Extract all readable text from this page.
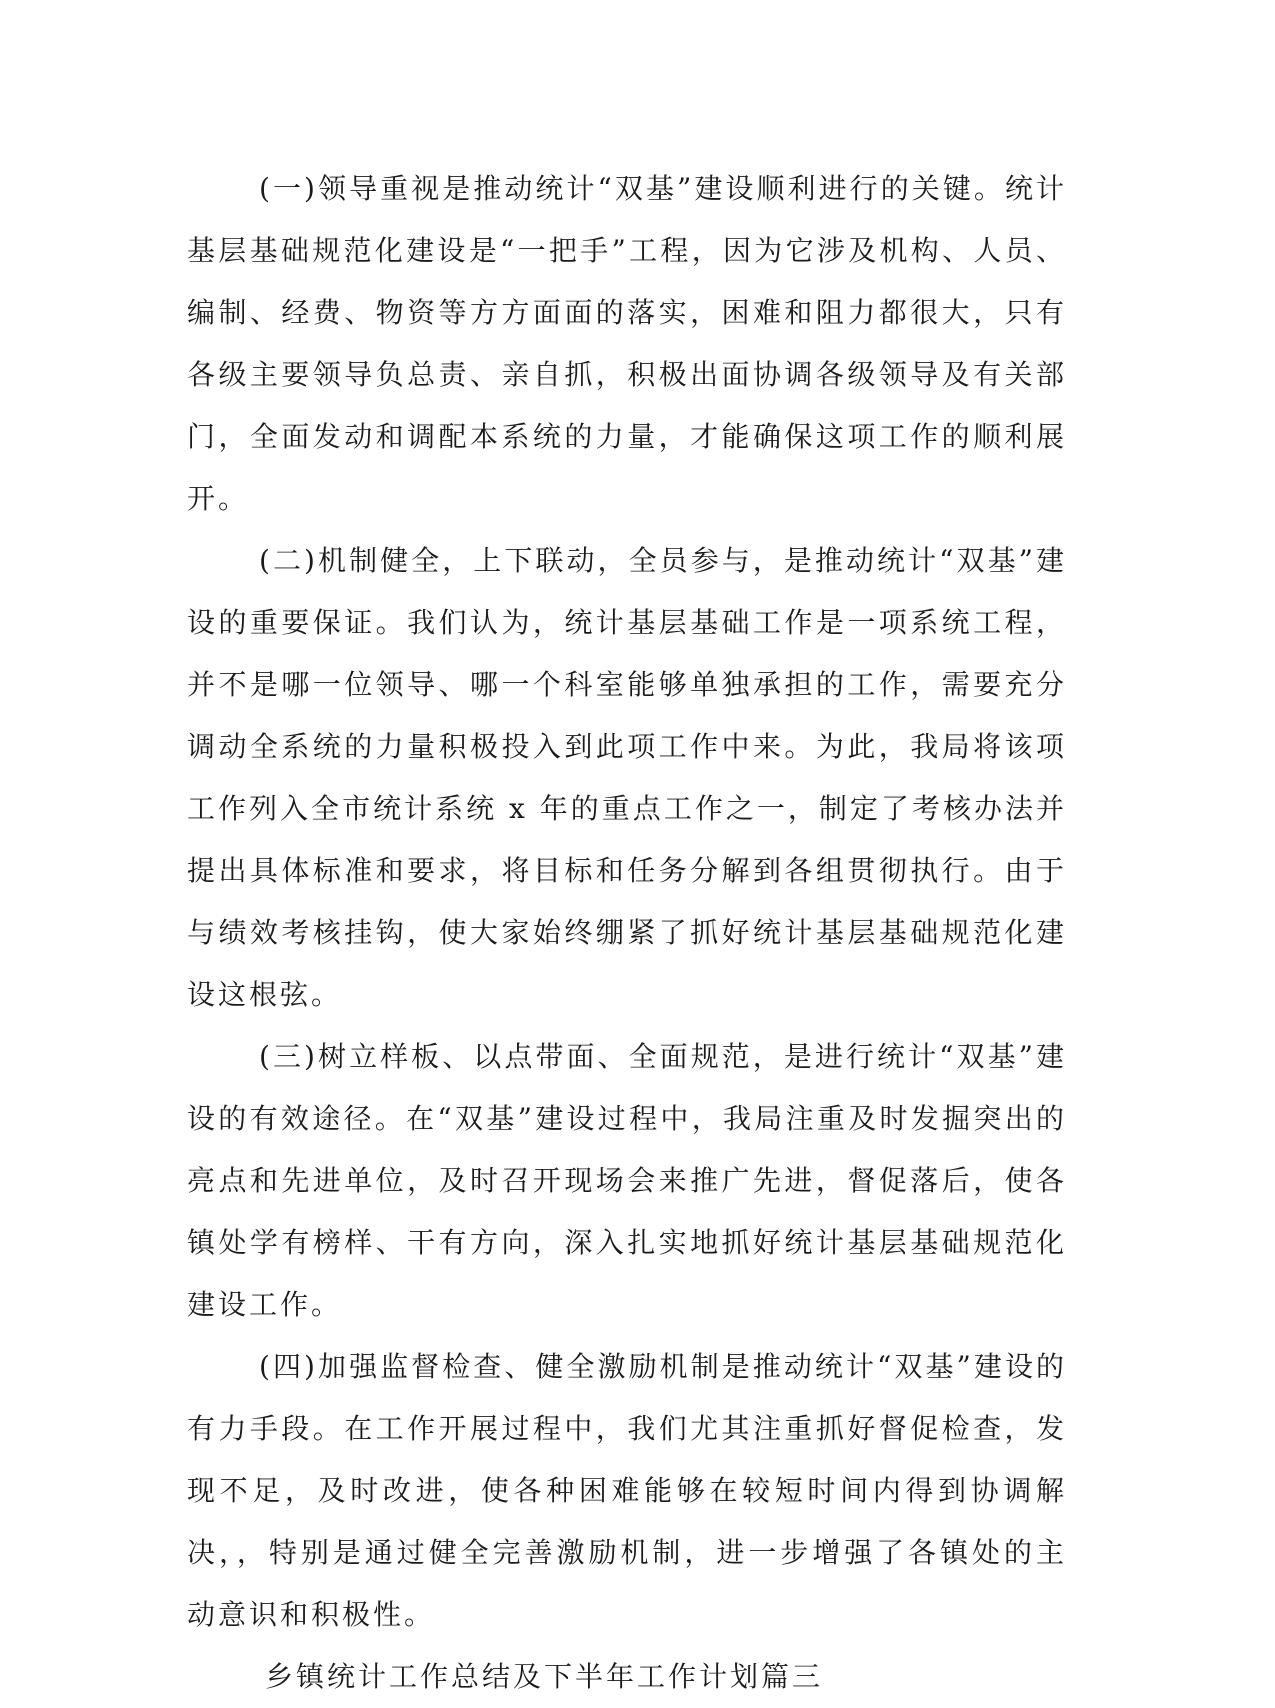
(一)领导重视是推动统计“双基”建设顺利进行的关键。统计基层基础规范化建设是“一把手”工程，因为它涉及机构、人员、编制、经费、物资等方方面面的落实，困难和阻力都很大，只有各级主要领导负总责、亲自抓，积极出面协调各级领导及有关部门，全面发动和调配本系统的力量，才能确保这项工作的顺利展开。

(二)机制健全，上下联动，全员参与，是推动统计“双基”建设的重要保证。我们认为，统计基层基础工作是一项系统工程，并不是哪一位领导、哪一个科室能够单独承担的工作，需要充分调动全系统的力量积极投入到此项工作中来。为此，我局将该项工作列入全市统计系统 x 年的重点工作之一，制定了考核办法并提出具体标准和要求，将目标和任务分解到各组贯彻执行。由于与绩效考核挂钩，使大家始终绷紧了抓好统计基层基础规范化建设这根弦。

(三)树立样板、以点带面、全面规范，是进行统计“双基”建设的有效途径。在“双基”建设过程中，我局注重及时发掘突出的亮点和先进单位，及时召开现场会来推广先进，督促落后，使各镇处学有榜样、干有方向，深入扎实地抓好统计基层基础规范化建设工作。

(四)加强监督检查、健全激励机制是推动统计“双基”建设的有力手段。在工作开展过程中，我们尤其注重抓好督促检查，发现不足，及时改进，使各种困难能够在较短时间内得到协调解决，，特别是通过健全完善激励机制，进一步增强了各镇处的主动意识和积极性。

乡镇统计工作总结及下半年工作计划篇三
